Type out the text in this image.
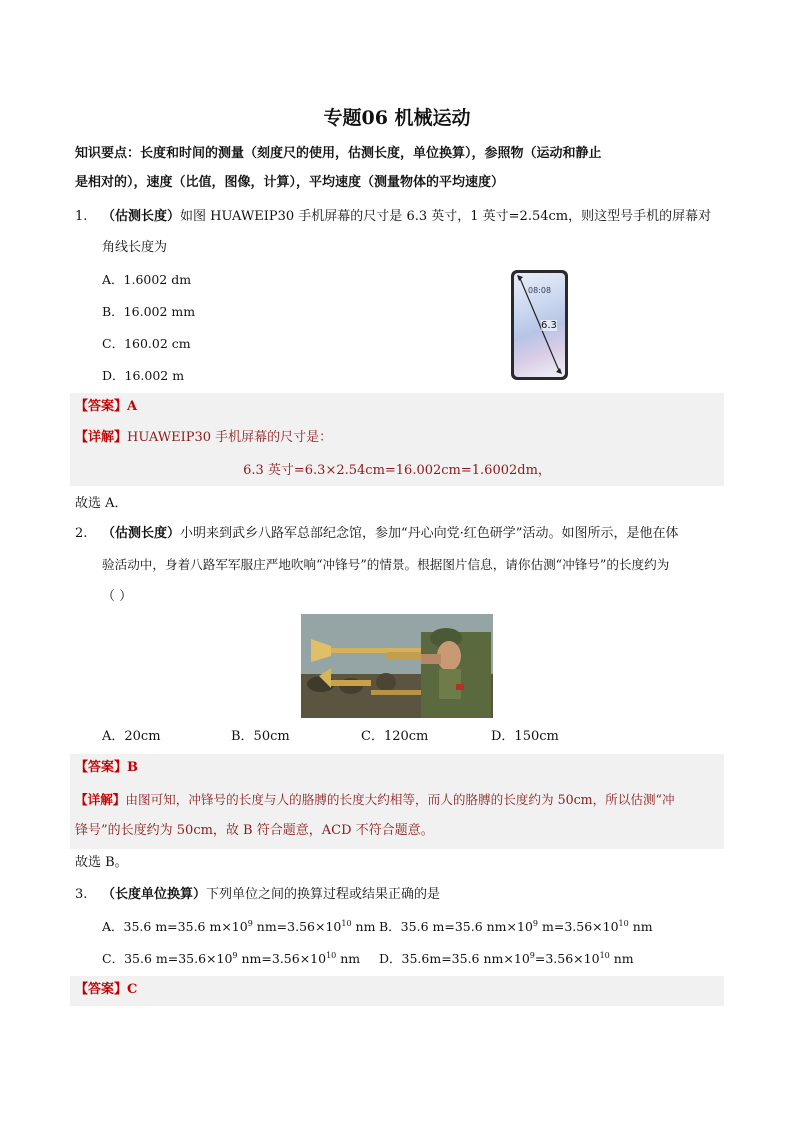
专题06 机械运动
知识要点：长度和时间的测量（刻度尺的使用，估测长度，单位换算），参照物（运动和静止
是相对的），速度（比值，图像，计算），平均速度（测量物体的平均速度）
1. （估测长度）如图 HUAWEIP30 手机屏幕的尺寸是 6.3 英寸，1 英寸=2.54cm，则这型号手机的屏幕对
角线长度为
A．1.6002 dm
B．16.002 mm
C．160.02 cm
D．16.002 m
08:08
6.3
【答案】A
【详解】HUAWEIP30 手机屏幕的尺寸是：
6.3 英寸=6.3×2.54cm=16.002cm=1.6002dm，
故选 A．
2. （估测长度）小明来到武乡八路军总部纪念馆，参加“丹心向党·红色研学”活动。如图所示，是他在体
验活动中，身着八路军军服庄严地吹响“冲锋号”的情景。根据图片信息，请你估测“冲锋号”的长度约为
（ ）
A．20cm	B．50cm	C．120cm	D．150cm
【答案】B
【详解】由图可知，冲锋号的长度与人的胳膊的长度大约相等，而人的胳膊的长度约为 50cm，所以估测“冲
锋号”的长度约为 50cm，故 B 符合题意，ACD 不符合题意。
故选 B。
3. （长度单位换算）下列单位之间的换算过程或结果正确的是
A．35.6 m=35.6 $m\times 10^9$ $nm=3.56\times 10^{10}$ nm B．35.6 m=35.6 $nm\times 10^9$ $m=3.56\times 10^{10}$ nm
C．35.6 $m=35.6\times 10^9$ $nm=3.56\times 10^{10}$ nm D．35.6m=35.6 $nm\times 10^9=3.56\times 10^{10}$ nm
【答案】C
